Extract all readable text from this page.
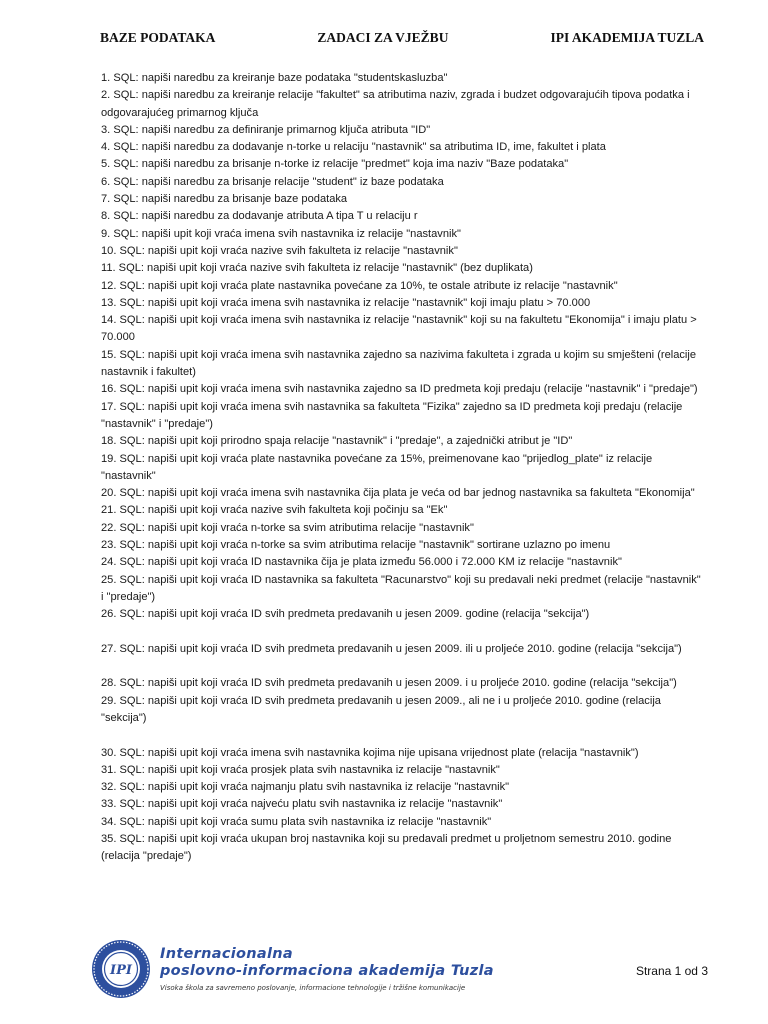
BAZE PODATAKA	ZADACI ZA VJEŽBU	IPI AKADEMIJA TUZLA

1. SQL: napiši naredbu za kreiranje baze podataka "studentskasluzba"

2. SQL: napiši naredbu za kreiranje relacije "fakultet" sa atributima naziv, zgrada i budzet odgovarajućih tipova podatka i odgovarajućeg primarnog ključa

3. SQL: napiši naredbu za definiranje primarnog ključa atributa "ID"

4. SQL: napiši naredbu za dodavanje n-torke u relaciju "nastavnik" sa atributima ID, ime, fakultet i plata

5. SQL: napiši naredbu za brisanje n-torke iz relacije "predmet" koja ima naziv "Baze podataka"

6. SQL: napiši naredbu za brisanje relacije "student" iz baze podataka

7. SQL: napiši naredbu za brisanje baze podataka

8. SQL: napiši naredbu za dodavanje atributa A tipa T u relaciju r

9. SQL: napiši upit koji vraća imena svih nastavnika iz relacije "nastavnik"

10. SQL: napiši upit koji vraća nazive svih fakulteta iz relacije "nastavnik"

11. SQL: napiši upit koji vraća nazive svih fakulteta iz relacije "nastavnik" (bez duplikata)

12. SQL: napiši upit koji vraća plate nastavnika povećane za 10%, te ostale atribute iz relacije "nastavnik"

13. SQL: napiši upit koji vraća imena svih nastavnika iz relacije "nastavnik" koji imaju platu > 70.000

14. SQL: napiši upit koji vraća imena svih nastavnika iz relacije "nastavnik" koji su na fakultetu "Ekonomija" i imaju platu > 70.000

15. SQL: napiši upit koji vraća imena svih nastavnika zajedno sa nazivima fakulteta i zgrada u kojim su smješteni (relacije nastavnik i fakultet)

16. SQL: napiši upit koji vraća imena svih nastavnika zajedno sa ID predmeta koji predaju (relacije "nastavnik" i "predaje")

17. SQL: napiši upit koji vraća imena svih nastavnika sa fakulteta "Fizika" zajedno sa ID predmeta koji predaju (relacije "nastavnik" i "predaje")

18. SQL: napiši upit koji prirodno spaja relacije "nastavnik" i "predaje", a zajednički atribut je "ID"

19. SQL: napiši upit koji vraća plate nastavnika povećane za 15%, preimenovane kao "prijedlog_plate" iz relacije "nastavnik"

20. SQL: napiši upit koji vraća imena svih nastavnika čija plata je veća od bar jednog nastavnika sa fakulteta "Ekonomija"

21. SQL: napiši upit koji vraća nazive svih fakulteta koji počinju sa "Ek"

22. SQL: napiši upit koji vraća n-torke sa svim atributima relacije "nastavnik"

23. SQL: napiši upit koji vraća n-torke sa svim atributima relacije "nastavnik" sortirane uzlazno po imenu

24. SQL: napiši upit koji vraća ID nastavnika čija je plata između 56.000 i 72.000 KM iz relacije "nastavnik"

25. SQL: napiši upit koji vraća ID nastavnika sa fakulteta "Racunarstvo" koji su predavali neki predmet (relacije "nastavnik" i "predaje")

26. SQL: napiši upit koji vraća ID svih predmeta predavanih u jesen 2009. godine (relacija "sekcija")

27. SQL: napiši upit koji vraća ID svih predmeta predavanih u jesen 2009. ili u proljeće 2010. godine (relacija "sekcija")

28. SQL: napiši upit koji vraća ID svih predmeta predavanih u jesen 2009. i u proljeće 2010. godine (relacija "sekcija")

29. SQL: napiši upit koji vraća ID svih predmeta predavanih u jesen 2009., ali ne i u proljeće 2010. godine (relacija "sekcija")

30. SQL: napiši upit koji vraća imena svih nastavnika kojima nije upisana vrijednost plate (relacija "nastavnik")

31. SQL: napiši upit koji vraća prosjek plata svih nastavnika iz relacije "nastavnik"

32. SQL: napiši upit koji vraća najmanju platu svih nastavnika iz relacije "nastavnik"

33. SQL: napiši upit koji vraća najveću platu svih nastavnika iz relacije "nastavnik"

34. SQL: napiši upit koji vraća sumu plata svih nastavnika iz relacije "nastavnik"

35. SQL: napiši upit koji vraća ukupan broj nastavnika koji su predavali predmet u proljetnom semestru 2010. godine (relacija "predaje")

IPI
Internacionalna
poslovno-informaciona akademija Tuzla
Visoka škola za savremeno poslovanje, informacione tehnologije i tržišne komunikacije
Strana 1 od 3
